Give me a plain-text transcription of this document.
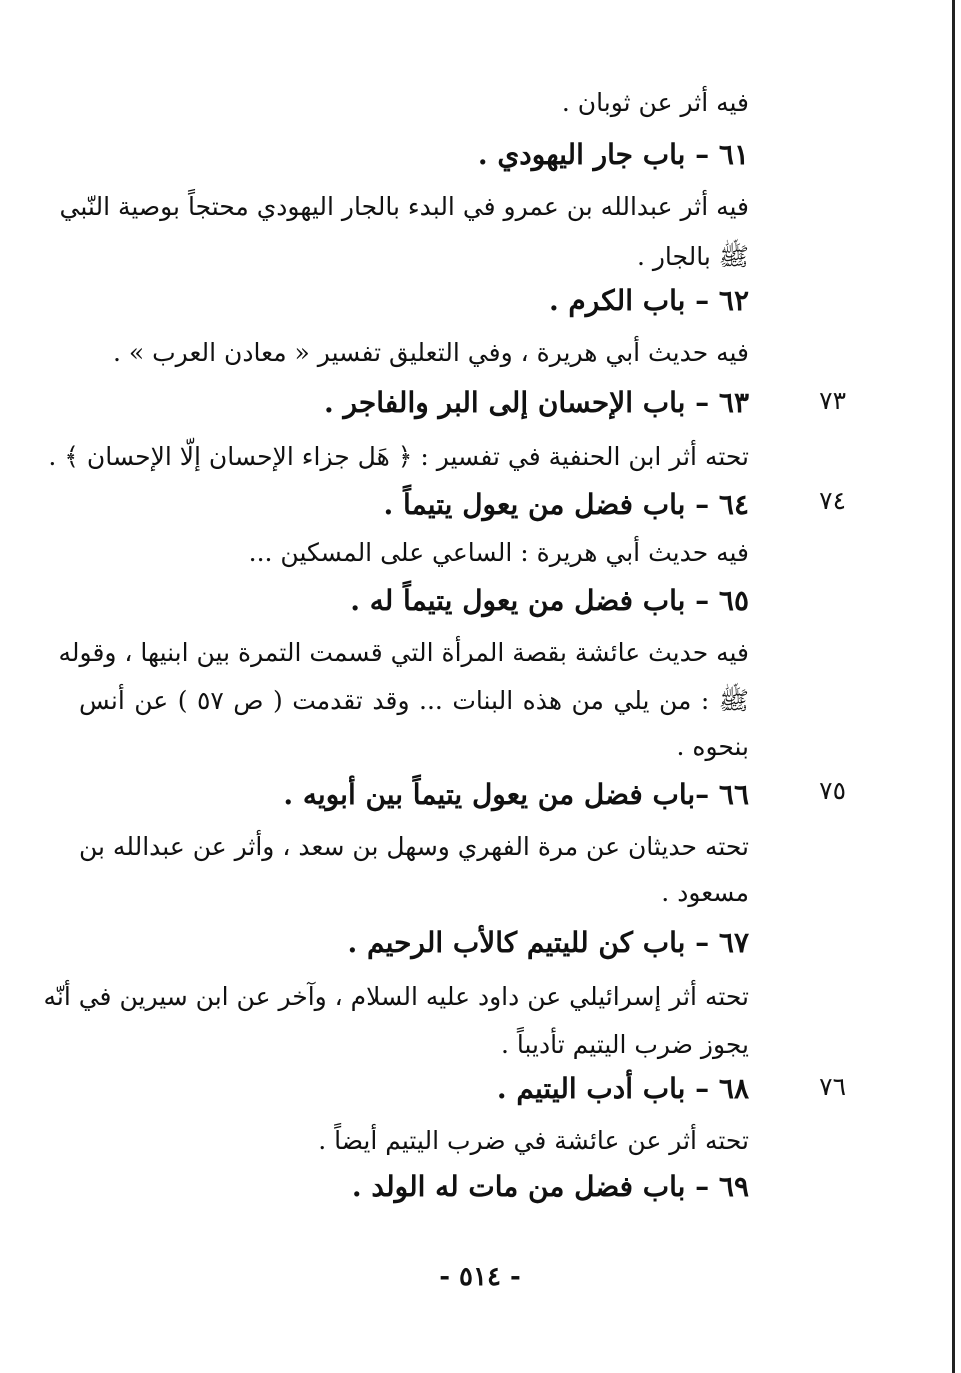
فيه أثر عن ثوبان .
٦١ – باب جار اليهودي .
فيه أثر عبدالله بن عمرو في البدء بالجار اليهودي محتجاً بوصية النّبي
ﷺ بالجار .
٦٢ – باب الكرم .
فيه حديث أبي هريرة ، وفي التعليق تفسير « معادن العرب » .
٦٣ – باب الإحسان إلى البر والفاجر .
تحته أثر ابن الحنفية في تفسير : ﴿ هَل جزاء الإحسان إلّا الإحسان ﴾ .
٦٤ – باب فضل من يعول يتيماً .
فيه حديث أبي هريرة : الساعي على المسكين ...
٦٥ – باب فضل من يعول يتيماً له .
فيه حديث عائشة بقصة المرأة التي قسمت التمرة بين ابنيها ، وقوله
ﷺ : من يلي من هذه البنات ... وقد تقدمت ( ص ٥٧ ) عن أنس
بنحوه .
٦٦ –باب فضل من يعول يتيماً بين أبويه .
تحته حديثان عن مرة الفهري وسهل بن سعد ، وأثر عن عبدالله بن
مسعود .
٦٧ – باب كن لليتيم كالأب الرحيم .
تحته أثر إسرائيلي عن داود عليه السلام ، وآخر عن ابن سيرين في أنّه
يجوز ضرب اليتيم تأديباً .
٦٨ – باب أدب اليتيم .
تحته أثر عن عائشة في ضرب اليتيم أيضاً .
٦٩ – باب فضل من مات له الولد .
٧٣
٧٤
٧٥
٧٦
- ٥١٤ -
